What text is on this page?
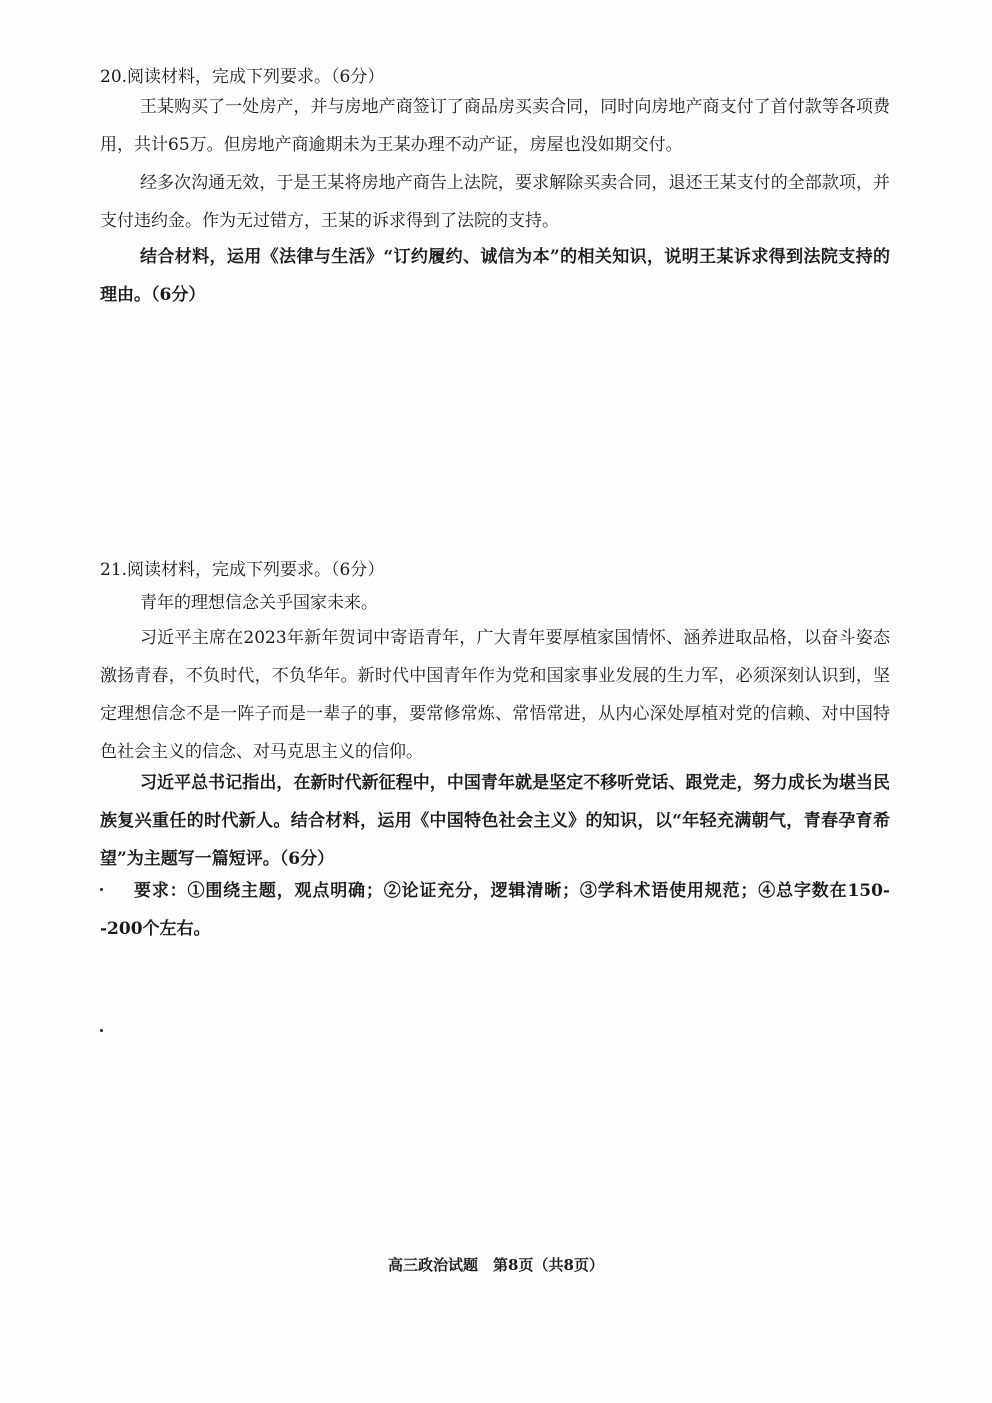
20.阅读材料，完成下列要求。（6分）

王某购买了一处房产，并与房地产商签订了商品房买卖合同，同时向房地产商支付了首付款等各项费用，共计65万。但房地产商逾期未为王某办理不动产证，房屋也没如期交付。

经多次沟通无效，于是王某将房地产商告上法院，要求解除买卖合同，退还王某支付的全部款项，并支付违约金。作为无过错方，王某的诉求得到了法院的支持。

结合材料，运用《法律与生活》“订约履约、诚信为本”的相关知识，说明王某诉求得到法院支持的理由。（6分）

21.阅读材料，完成下列要求。（6分）

青年的理想信念关乎国家未来。

习近平主席在2023年新年贺词中寄语青年，广大青年要厚植家国情怀、涵养进取品格，以奋斗姿态激扬青春，不负时代，不负华年。新时代中国青年作为党和国家事业发展的生力军，必须深刻认识到，坚定理想信念不是一阵子而是一辈子的事，要常修常炼、常悟常进，从内心深处厚植对党的信赖、对中国特色社会主义的信念、对马克思主义的信仰。

习近平总书记指出，在新时代新征程中，中国青年就是坚定不移听党话、跟党走，努力成长为堪当民族复兴重任的时代新人。结合材料，运用《中国特色社会主义》的知识，以“年轻充满朝气，青春孕育希望”为主题写一篇短评。（6分）

要求：①围绕主题，观点明确；②论证充分，逻辑清晰；③学科术语使用规范；④总字数在150--200个左右。

高三政治试题　第8页（共8页）
